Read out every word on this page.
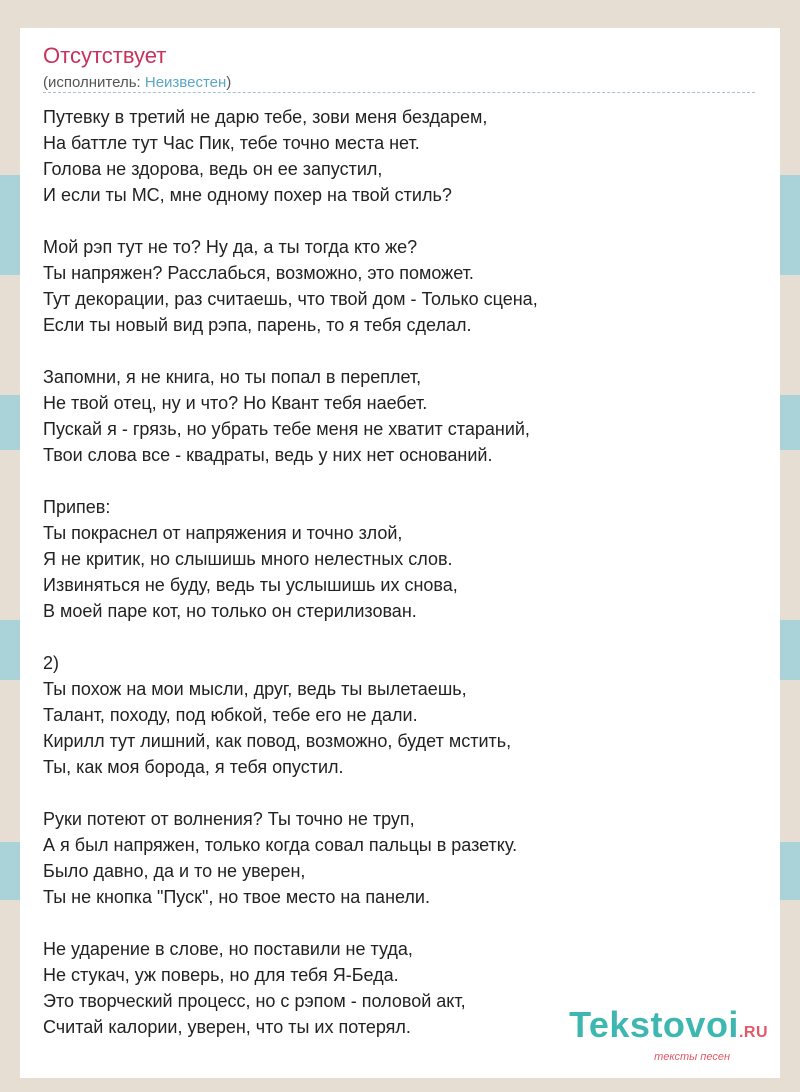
Отсутствует
(исполнитель: Неизвестен)
Путевку в третий не дарю тебе, зови меня бездарем,
На баттле тут Час Пик, тебе точно места нет.
Голова не здорова, ведь он ее запустил,
И если ты МС, мне одному похер на твой стиль?
Мой рэп тут не то? Ну да, а ты тогда кто же?
Ты напряжен? Расслабься, возможно, это поможет.
Тут декорации, раз считаешь, что твой дом - Только сцена,
Если ты новый вид рэпа, парень, то я тебя сделал.
Запомни, я не книга, но ты попал в переплет,
Не твой отец, ну и что? Но Квант тебя наебет.
Пускай я - грязь, но убрать тебе меня не хватит стараний,
Твои слова все - квадраты, ведь у них нет оснований.
Припев:
Ты покраснел от напряжения и точно злой,
Я не критик, но слышишь много нелестных слов.
Извиняться не буду, ведь ты услышишь их снова,
В моей паре кот, но только он стерилизован.
2)
Ты похож на мои мысли, друг, ведь ты вылетаешь,
Талант, походу, под юбкой, тебе его не дали.
Кирилл тут лишний, как повод, возможно, будет мстить,
Ты, как моя борода, я тебя опустил.
Руки потеют от волнения? Ты точно не труп,
А я был напряжен, только когда совал пальцы в разетку.
Было давно, да и то не уверен,
Ты не кнопка "Пуск", но твое место на панели.
Не ударение в слове, но поставили не туда,
Не стукач, уж поверь, но для тебя Я-Беда.
Это творческий процесс, но с рэпом - половой акт,
Считай калории, уверен, что ты их потерял.	Tekstovoi.RU
тексты песен
